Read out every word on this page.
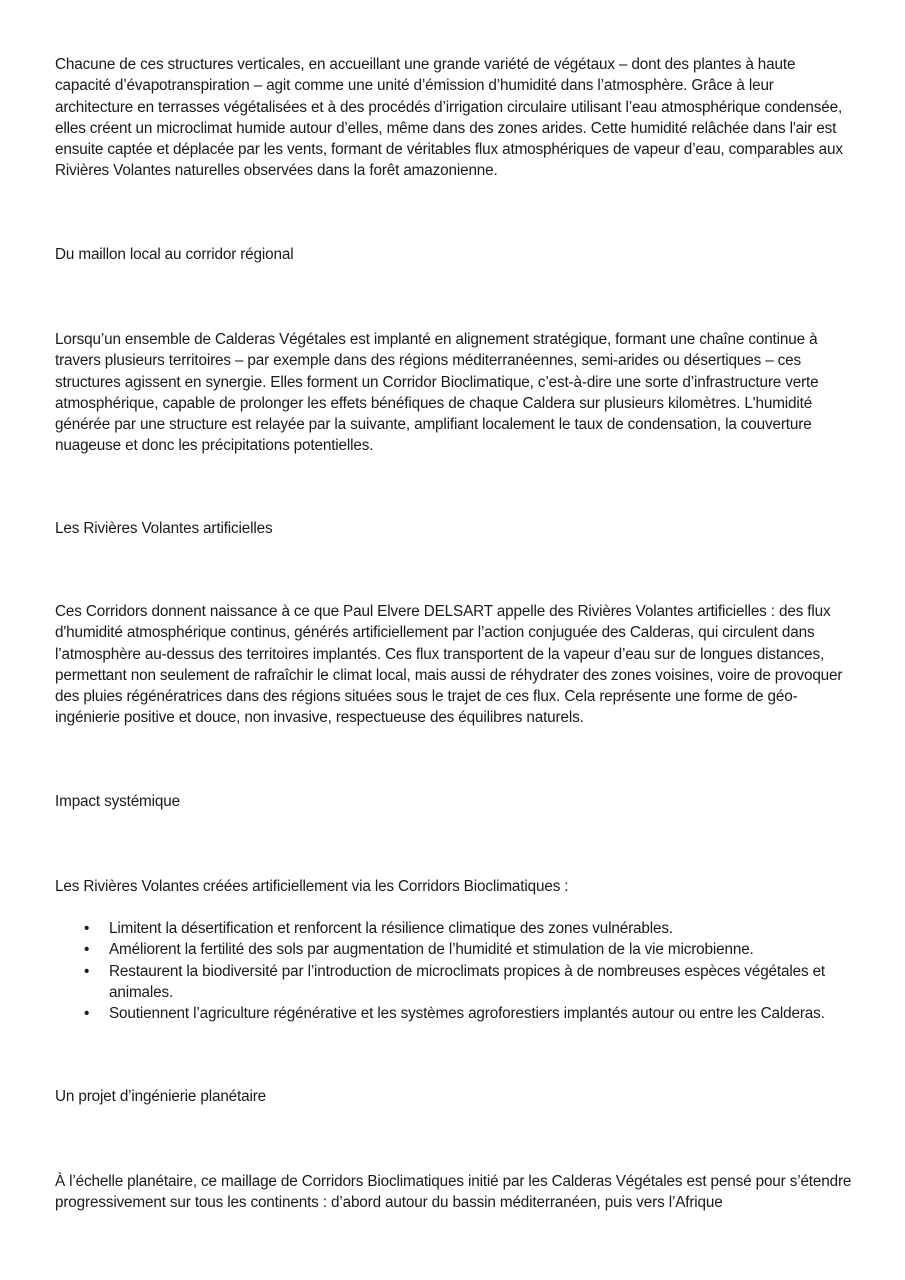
Chacune de ces structures verticales, en accueillant une grande variété de végétaux – dont des plantes à haute capacité d’évapotranspiration – agit comme une unité d’émission d’humidité dans l’atmosphère. Grâce à leur architecture en terrasses végétalisées et à des procédés d’irrigation circulaire utilisant l’eau atmosphérique condensée, elles créent un microclimat humide autour d’elles, même dans des zones arides. Cette humidité relâchée dans l'air est ensuite captée et déplacée par les vents, formant de véritables flux atmosphériques de vapeur d’eau, comparables aux Rivières Volantes naturelles observées dans la forêt amazonienne.

Du maillon local au corridor régional

Lorsqu’un ensemble de Calderas Végétales est implanté en alignement stratégique, formant une chaîne continue à travers plusieurs territoires – par exemple dans des régions méditerranéennes, semi-arides ou désertiques – ces structures agissent en synergie. Elles forment un Corridor Bioclimatique, c’est-à-dire une sorte d’infrastructure verte atmosphérique, capable de prolonger les effets bénéfiques de chaque Caldera sur plusieurs kilomètres. L'humidité générée par une structure est relayée par la suivante, amplifiant localement le taux de condensation, la couverture nuageuse et donc les précipitations potentielles.

Les Rivières Volantes artificielles

Ces Corridors donnent naissance à ce que Paul Elvere DELSART appelle des Rivières Volantes artificielles : des flux d'humidité atmosphérique continus, générés artificiellement par l’action conjuguée des Calderas, qui circulent dans l’atmosphère au-dessus des territoires implantés. Ces flux transportent de la vapeur d’eau sur de longues distances, permettant non seulement de rafraîchir le climat local, mais aussi de réhydrater des zones voisines, voire de provoquer des pluies régénératrices dans des régions situées sous le trajet de ces flux. Cela représente une forme de géo-ingénierie positive et douce, non invasive, respectueuse des équilibres naturels.

Impact systémique

Les Rivières Volantes créées artificiellement via les Corridors Bioclimatiques :

• Limitent la désertification et renforcent la résilience climatique des zones vulnérables.
• Améliorent la fertilité des sols par augmentation de l’humidité et stimulation de la vie microbienne.
• Restaurent la biodiversité par l’introduction de microclimats propices à de nombreuses espèces végétales et animales.
• Soutiennent l’agriculture régénérative et les systèmes agroforestiers implantés autour ou entre les Calderas.
Un projet d’ingénierie planétaire

À l’échelle planétaire, ce maillage de Corridors Bioclimatiques initié par les Calderas Végétales est pensé pour s’étendre progressivement sur tous les continents : d’abord autour du bassin méditerranéen, puis vers l’Afrique
